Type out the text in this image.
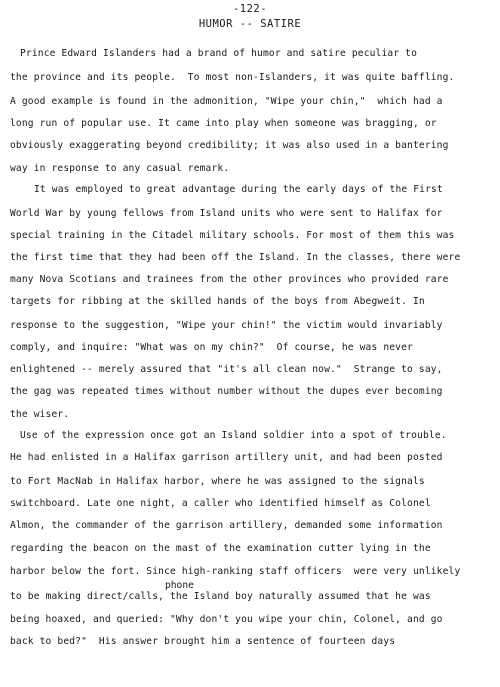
-122-
HUMOR -- SATIRE
Prince Edward Islanders had a brand of humor and satire peculiar to
the province and its people.  To most non-Islanders, it was quite baffling.
A good example is found in the admonition, "Wipe your chin,"  which had a
long run of popular use. It came into play when someone was bragging, or
obviously exaggerating beyond credibility; it was also used in a bantering
way in response to any casual remark.
It was employed to great advantage during the early days of the First
World War by young fellows from Island units who were sent to Halifax for
special training in the Citadel military schools. For most of them this was
the first time that they had been off the Island. In the classes, there were
many Nova Scotians and trainees from the other provinces who provided rare
targets for ribbing at the skilled hands of the boys from Abegweit. In
response to the suggestion, "Wipe your chin!" the victim would invariably
comply, and inquire: "What was on my chin?"  Of course, he was never
enlightened -- merely assured that "it's all clean now."  Strange to say,
the gag was repeated times without number without the dupes ever becoming
the wiser.
Use of the expression once got an Island soldier into a spot of trouble.
He had enlisted in a Halifax garrison artillery unit, and had been posted
to Fort MacNab in Halifax harbor, where he was assigned to the signals
switchboard. Late one night, a caller who identified himself as Colonel
Almon, the commander of the garrison artillery, demanded some information
regarding the beacon on the mast of the examination cutter lying in the
harbor below the fort. Since high-ranking staff officers  were very unlikely
phone
to be making direct/calls, the Island boy naturally assumed that he was
being hoaxed, and queried: "Why don't you wipe your chin, Colonel, and go
back to bed?"  His answer brought him a sentence of fourteen days
